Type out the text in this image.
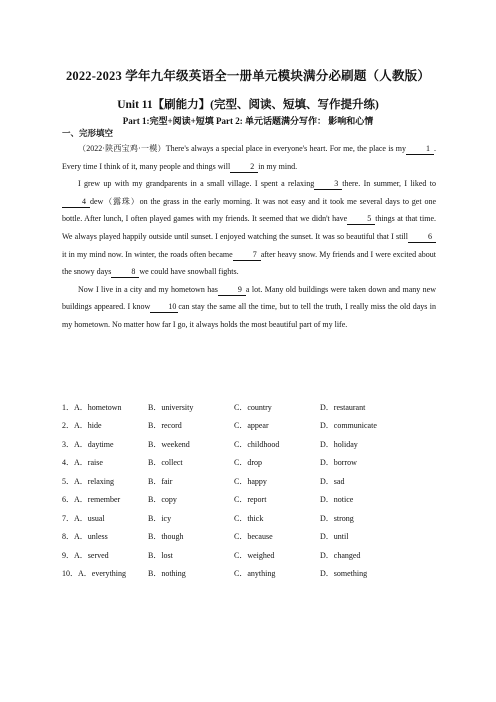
2022-2023 学年九年级英语全一册单元模块满分必刷题（人教版）
Unit 11【刷能力】(完型、阅读、短填、写作提升练)
Part 1:完型+阅读+短填 Part 2: 单元话题满分写作： 影响和心情
一、完形填空

（2022·陕西宝鸡·一模）There's always a special place in everyone's heart. For me, the place is my	1 . Every time I think of it, many people and things will	2 in my mind.

I grew up with my grandparents in a small village. I spent a relaxing	3 there. In summer, I liked to4 dew（露珠）on the grass in the early morning. It was not easy and it took me several days to get one bottle. After lunch, I often played games with my friends. It seemed that we didn't have	5 things at that time. We always played happily outside until sunset. I enjoyed watching the sunset. It was so beautiful that I still	6it in my mind now. In winter, the roads often became	7 after heavy snow. My friends and I were excited about the snowy days	8 we could have snowball fights.

Now I live in a city and my hometown has	9 a lot. Many old buildings were taken down and many new buildings appeared. I know 10 can stay the same all the time, but to tell the truth, I really miss the old days in my hometown. No matter how far I go, it always holds the most beautiful part of my life.

1．A．hometown	B．university	C．country	D．restaurant
2．A．hide	B．record	C．appear	D．communicate
3．A．daytime	B．weekend	C．childhood	D．holiday
4．A．raise	B．collect	C．drop	D．borrow
5．A．relaxing	B．fair	C．happy	D．sad
6．A．remember	B．copy	C．report	D．notice
7．A．usual	B．icy	C．thick	D．strong
8．A．unless	B．though	C．because	D．until
9．A．served	B．lost	C．weighed	D．changed
10．A．everything	B．nothing	C．anything	D．something
